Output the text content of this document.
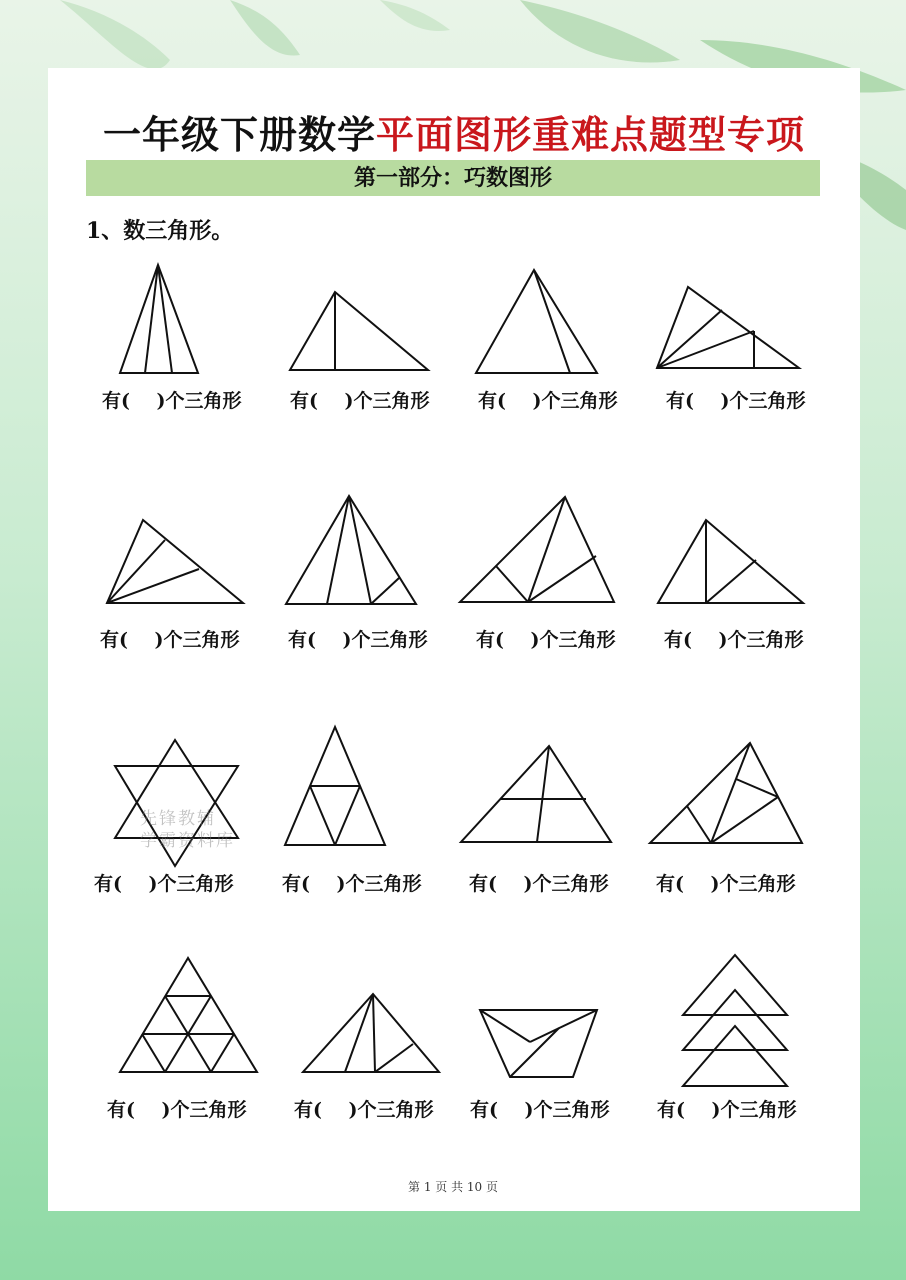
一年级下册数学平面图形重难点题型专项
第一部分：巧数图形
1、数三角形。
有(    )个三角形	有(    )个三角形	有(    )个三角形	有(    )个三角形
有(    )个三角形	有(    )个三角形	有(    )个三角形	有(    )个三角形
有(    )个三角形	有(    )个三角形	有(    )个三角形	有(    )个三角形
有(    )个三角形	有(    )个三角形 有(    )个三角形	有(    )个三角形
先锋教辅
学霸资料库
第 1 页 共 10 页
